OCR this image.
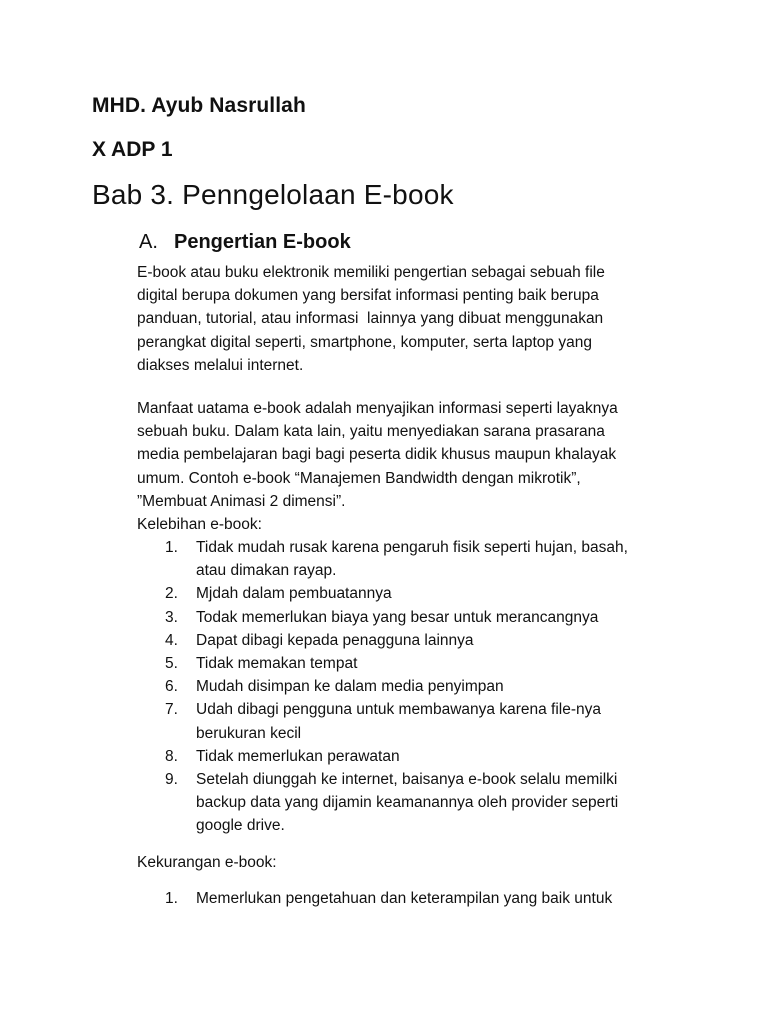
MHD. Ayub Nasrullah
X ADP 1
Bab 3. Penngelolaan E-book
A. Pengertian E-book
E-book atau buku elektronik memiliki pengertian sebagai sebuah file
digital berupa dokumen yang bersifat informasi penting baik berupa
panduan, tutorial, atau informasi  lainnya yang dibuat menggunakan
perangkat digital seperti, smartphone, komputer, serta laptop yang
diakses melalui internet.
Manfaat uatama e-book adalah menyajikan informasi seperti layaknya
sebuah buku. Dalam kata lain, yaitu menyediakan sarana prasarana
media pembelajaran bagi bagi peserta didik khusus maupun khalayak
umum. Contoh e-book “Manajemen Bandwidth dengan mikrotik”,
”Membuat Animasi 2 dimensi”.
Kelebihan e-book:
1.	Tidak mudah rusak karena pengaruh fisik seperti hujan, basah,
atau dimakan rayap.
2.	Mjdah dalam pembuatannya
3.	Todak memerlukan biaya yang besar untuk merancangnya
4.	Dapat dibagi kepada penagguna lainnya
5.	Tidak memakan tempat
6.	Mudah disimpan ke dalam media penyimpan
7.	Udah dibagi pengguna untuk membawanya karena file-nya
berukuran kecil
8.	Tidak memerlukan perawatan
9.	Setelah diunggah ke internet, baisanya e-book selalu memilki
backup data yang dijamin keamanannya oleh provider seperti
google drive.
Kekurangan e-book:
1.	Memerlukan pengetahuan dan keterampilan yang baik untuk
